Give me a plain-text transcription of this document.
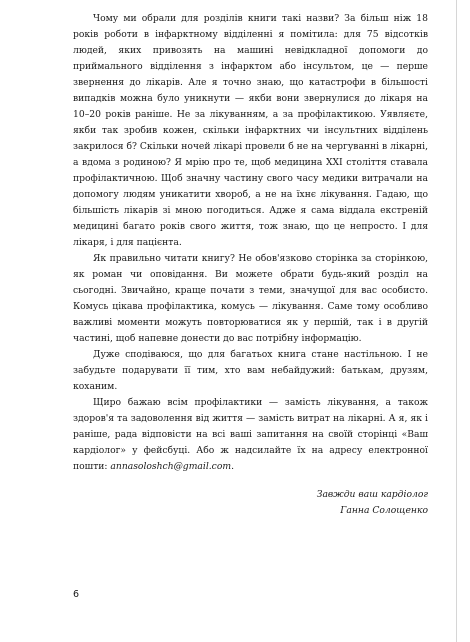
Чому ми обрали для розділів книги такі назви? За більш ніж 18 років роботи в інфарктному відділенні я помітила: для 75 відсотків людей, яких привозять на машині невідкладної допомоги до приймального відділення з інфарктом або інсультом, це — перше звернення до лікарів. Але я точно знаю, що катастрофи в більшості випадків можна було уникнути — якби вони звернулися до лікаря на 10–20 років раніше. Не за лікуванням, а за профілактикою. Уявляєте, якби так зробив кожен, скільки інфарктних чи інсультних відділень закрилося б? Скільки ночей лікарі провели б не на чергуванні в лікарні, а вдома з родиною? Я мрію про те, щоб медицина XXI століття ставала профілактичною. Щоб значну частину свого часу медики витрачали на допомогу людям уникатити хвороб, а не на їхнє лікування. Гадаю, що більшість лікарів зі мною погодиться. Адже я сама віддала екстреній медицині багато років свого життя, тож знаю, що це непросто. І для лікаря, і для пацієнта.

Як правильно читати книгу? Не обов'язково сторінка за сторінкою, як роман чи оповідання. Ви можете обрати будь-який розділ на сьогодні. Звичайно, краще почати з теми, значущої для вас особисто. Комусь цікава профілактика, комусь — лікування. Саме тому особливо важливі моменти можуть повторюватися як у першій, так і в другій частині, щоб напевне донести до вас потрібну інформацію.

Дуже сподіваюся, що для багатьох книга стане настільною. І не забудьте подарувати її тим, хто вам небайдужий: батькам, друзям, коханим.

Щиро бажаю всім профілактики — замість лікування, а також здоров'я та задоволення від життя — замість витрат на лікарні. А я, як і раніше, рада відповісти на всі ваші запитання на своїй сторінці «Ваш кардіолог» у фейсбуці. Або ж надсилайте їх на адресу електронної пошти: annasoloshch@gmail.com.

Завжди ваш кардіолог
Ганна Солощенко
6
